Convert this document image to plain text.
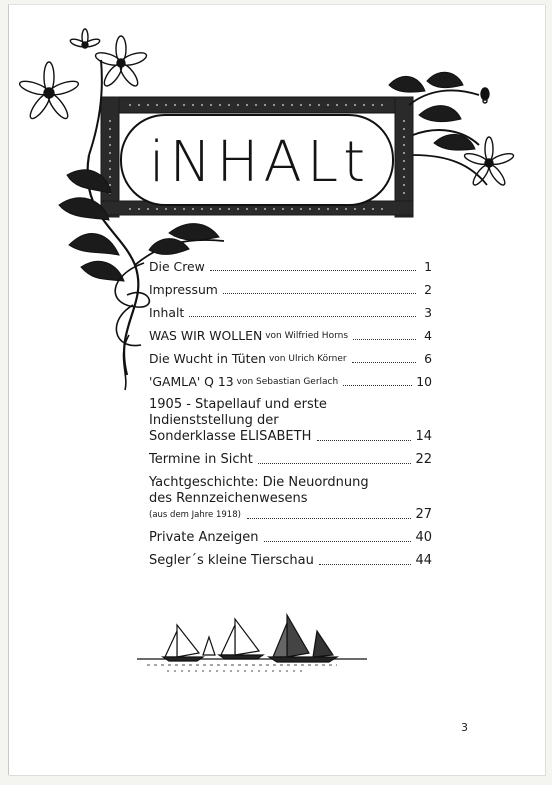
iNHALt
Die Crew	1
Impressum	2
Inhalt	3
WAS WIR WOLLEN von Wilfried Horns	4
Die Wucht in Tüten von Ulrich Körner	6
'GAMLA' Q 13 von Sebastian Gerlach	10
1905 - Stapellauf und erste
Indienststellung der
Sonderklasse ELISABETH	14
Termine in Sicht	22
Yachtgeschichte: Die Neuordnung
des Rennzeichenwesens
(aus dem Jahre 1918)	27
Private Anzeigen	40
Segler´s kleine Tierschau	44
3
